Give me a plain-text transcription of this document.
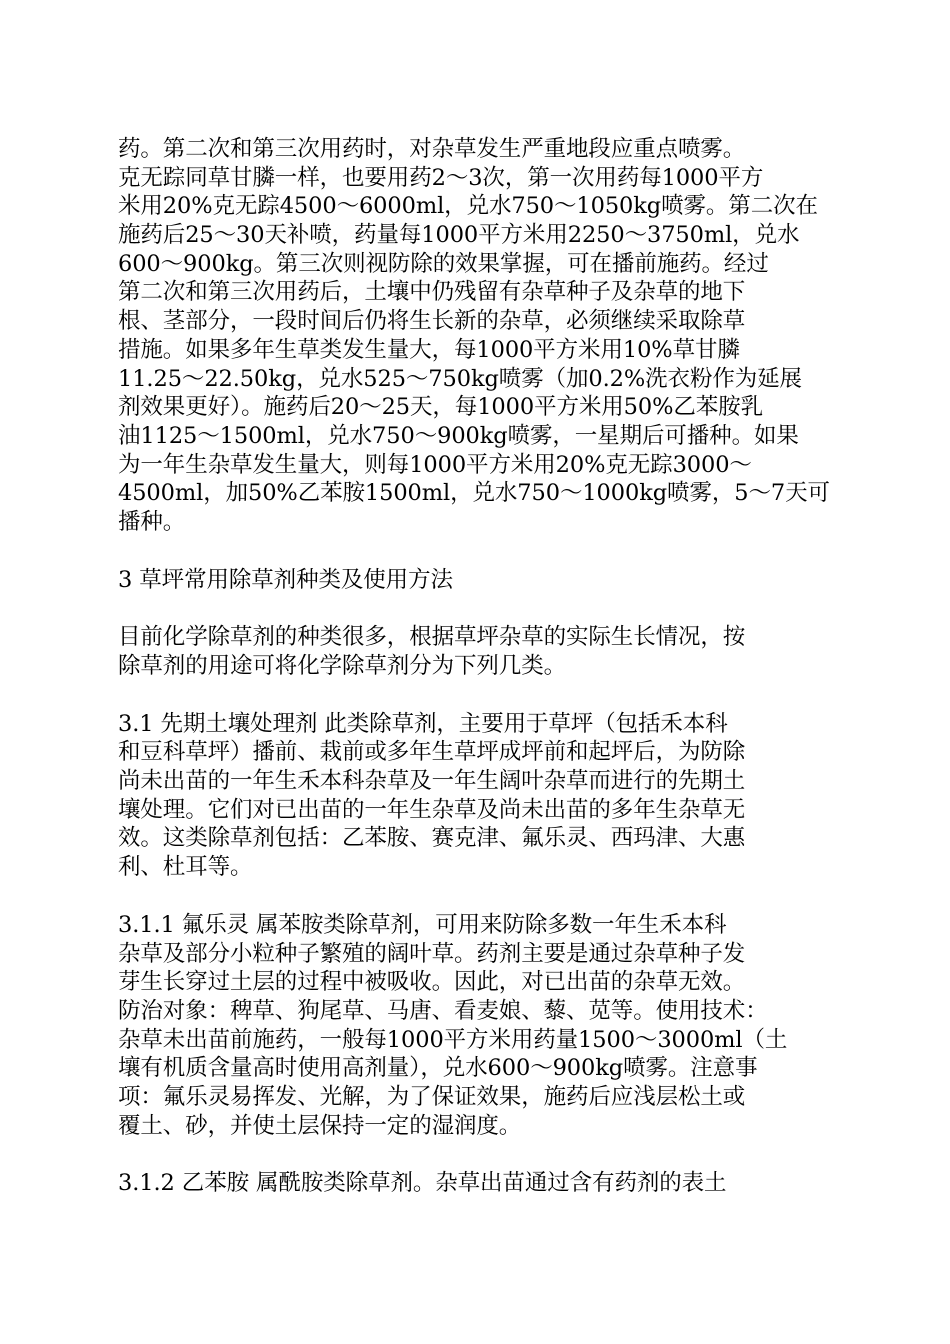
药。第二次和第三次用药时，对杂草发生严重地段应重点喷雾。
克无踪同草甘膦一样，也要用药2～3次，第一次用药每1000平方
米用20%克无踪4500～6000ml，兑水750～1050kg喷雾。第二次在
施药后25～30天补喷，药量每1000平方米用2250～3750ml，兑水
600～900kg。第三次则视防除的效果掌握，可在播前施药。经过
第二次和第三次用药后，土壤中仍残留有杂草种子及杂草的地下
根、茎部分，一段时间后仍将生长新的杂草，必须继续采取除草
措施。如果多年生草类发生量大，每1000平方米用10%草甘膦
11.25～22.50kg，兑水525～750kg喷雾（加0.2%洗衣粉作为延展
剂效果更好）。施药后20～25天，每1000平方米用50%乙苯胺乳
油1125～1500ml，兑水750～900kg喷雾，一星期后可播种。如果
为一年生杂草发生量大，则每1000平方米用20%克无踪3000～
4500ml，加50%乙苯胺1500ml，兑水750～1000kg喷雾，5～7天可
播种。
3 草坪常用除草剂种类及使用方法
目前化学除草剂的种类很多，根据草坪杂草的实际生长情况，按
除草剂的用途可将化学除草剂分为下列几类。
3.1 先期土壤处理剂 此类除草剂，主要用于草坪（包括禾本科
和豆科草坪）播前、栽前或多年生草坪成坪前和起坪后，为防除
尚未出苗的一年生禾本科杂草及一年生阔叶杂草而进行的先期土
壤处理。它们对已出苗的一年生杂草及尚未出苗的多年生杂草无
效。这类除草剂包括：乙苯胺、赛克津、氟乐灵、西玛津、大惠
利、杜耳等。
3.1.1 氟乐灵 属苯胺类除草剂，可用来防除多数一年生禾本科
杂草及部分小粒种子繁殖的阔叶草。药剂主要是通过杂草种子发
芽生长穿过土层的过程中被吸收。因此，对已出苗的杂草无效。
防治对象：稗草、狗尾草、马唐、看麦娘、藜、苋等。使用技术：
杂草未出苗前施药，一般每1000平方米用药量1500～3000ml（土
壤有机质含量高时使用高剂量），兑水600～900kg喷雾。注意事
项：氟乐灵易挥发、光解，为了保证效果，施药后应浅层松土或
覆土、砂，并使土层保持一定的湿润度。
3.1.2 乙苯胺 属酰胺类除草剂。杂草出苗通过含有药剂的表土
